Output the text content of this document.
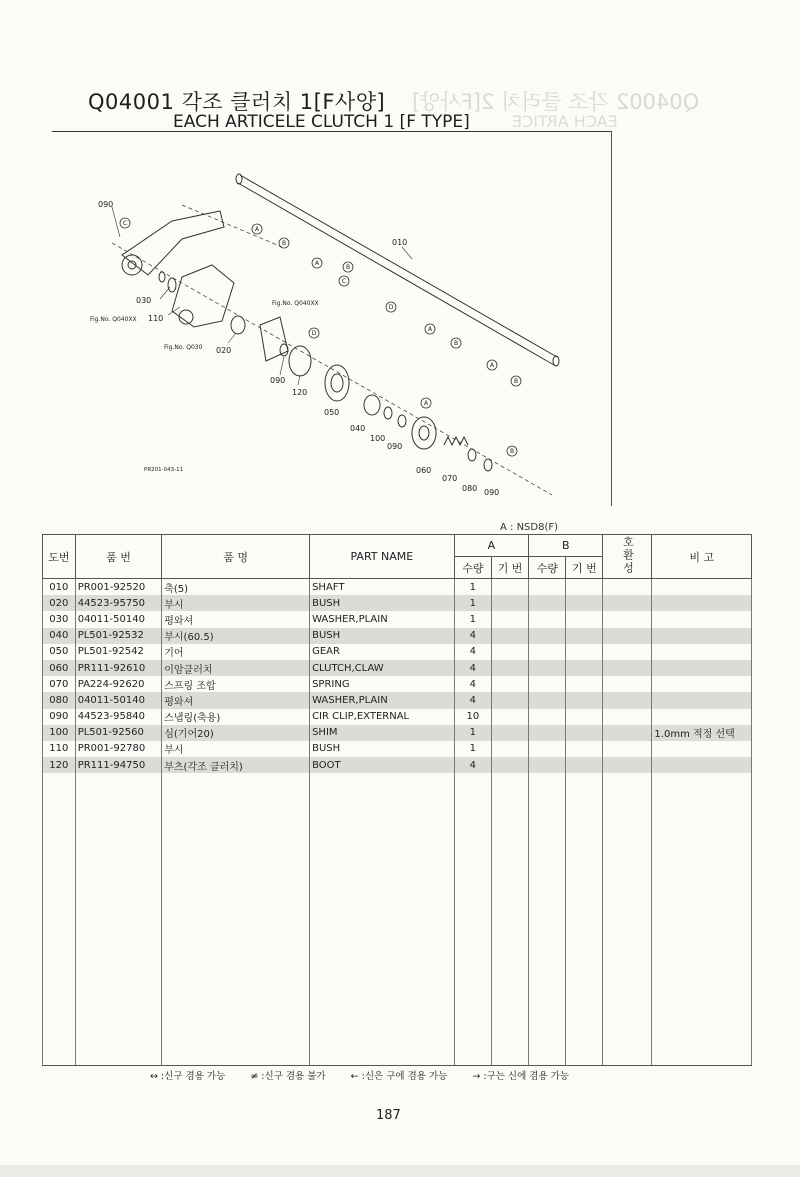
Q04002 각조 클러치 2[F사양]
EACH ARTICE
Q04001 각조 클러치 1[F사양]
EACH ARTICELE CLUTCH 1 [F TYPE]
090
030
110
020
090
120
050
040
100
090
060
070
080 090
010
Fig.No. Q040XX
Fig.No. Q030
Fig.No. Q040XX
PR201-043-11
C
A
B
A
B
C
D
A
B
A
B
D
A
B
A : NSD8(F)
도번	품 번	품 명	PART NAME	A		B		호환성	비 고
				수량	기 번	수량	기 번		
010	PR001-92520	축(5)	SHAFT	1					
020	44523-95750	부시	BUSH	1					
030	04011-50140	평와셔	WASHER,PLAIN	1					
040	PL501-92532	부시(60.5)	BUSH	4					
050	PL501-92542	기어	GEAR	4					
060	PR111-92610	이암클러치	CLUTCH,CLAW	4					
070	PA224-92620	스프링 조합	SPRING	4					
080	04011-50140	평와셔	WASHER,PLAIN	4					
090	44523-95840	스냅링(축용)	CIR CLIP,EXTERNAL	10					
100	PL501-92560	심(기어20)	SHIM	1					1.0mm 적정 선택
110	PR001-92780	부시	BUSH	1					
120	PR111-94750	부츠(각조 클러치)	BOOT	4					

↔ :신구 겸용 가능	≠ :신구 겸용 불가	← :신은 구에 겸용 가능	→ :구는 신에 겸용 가능
187
